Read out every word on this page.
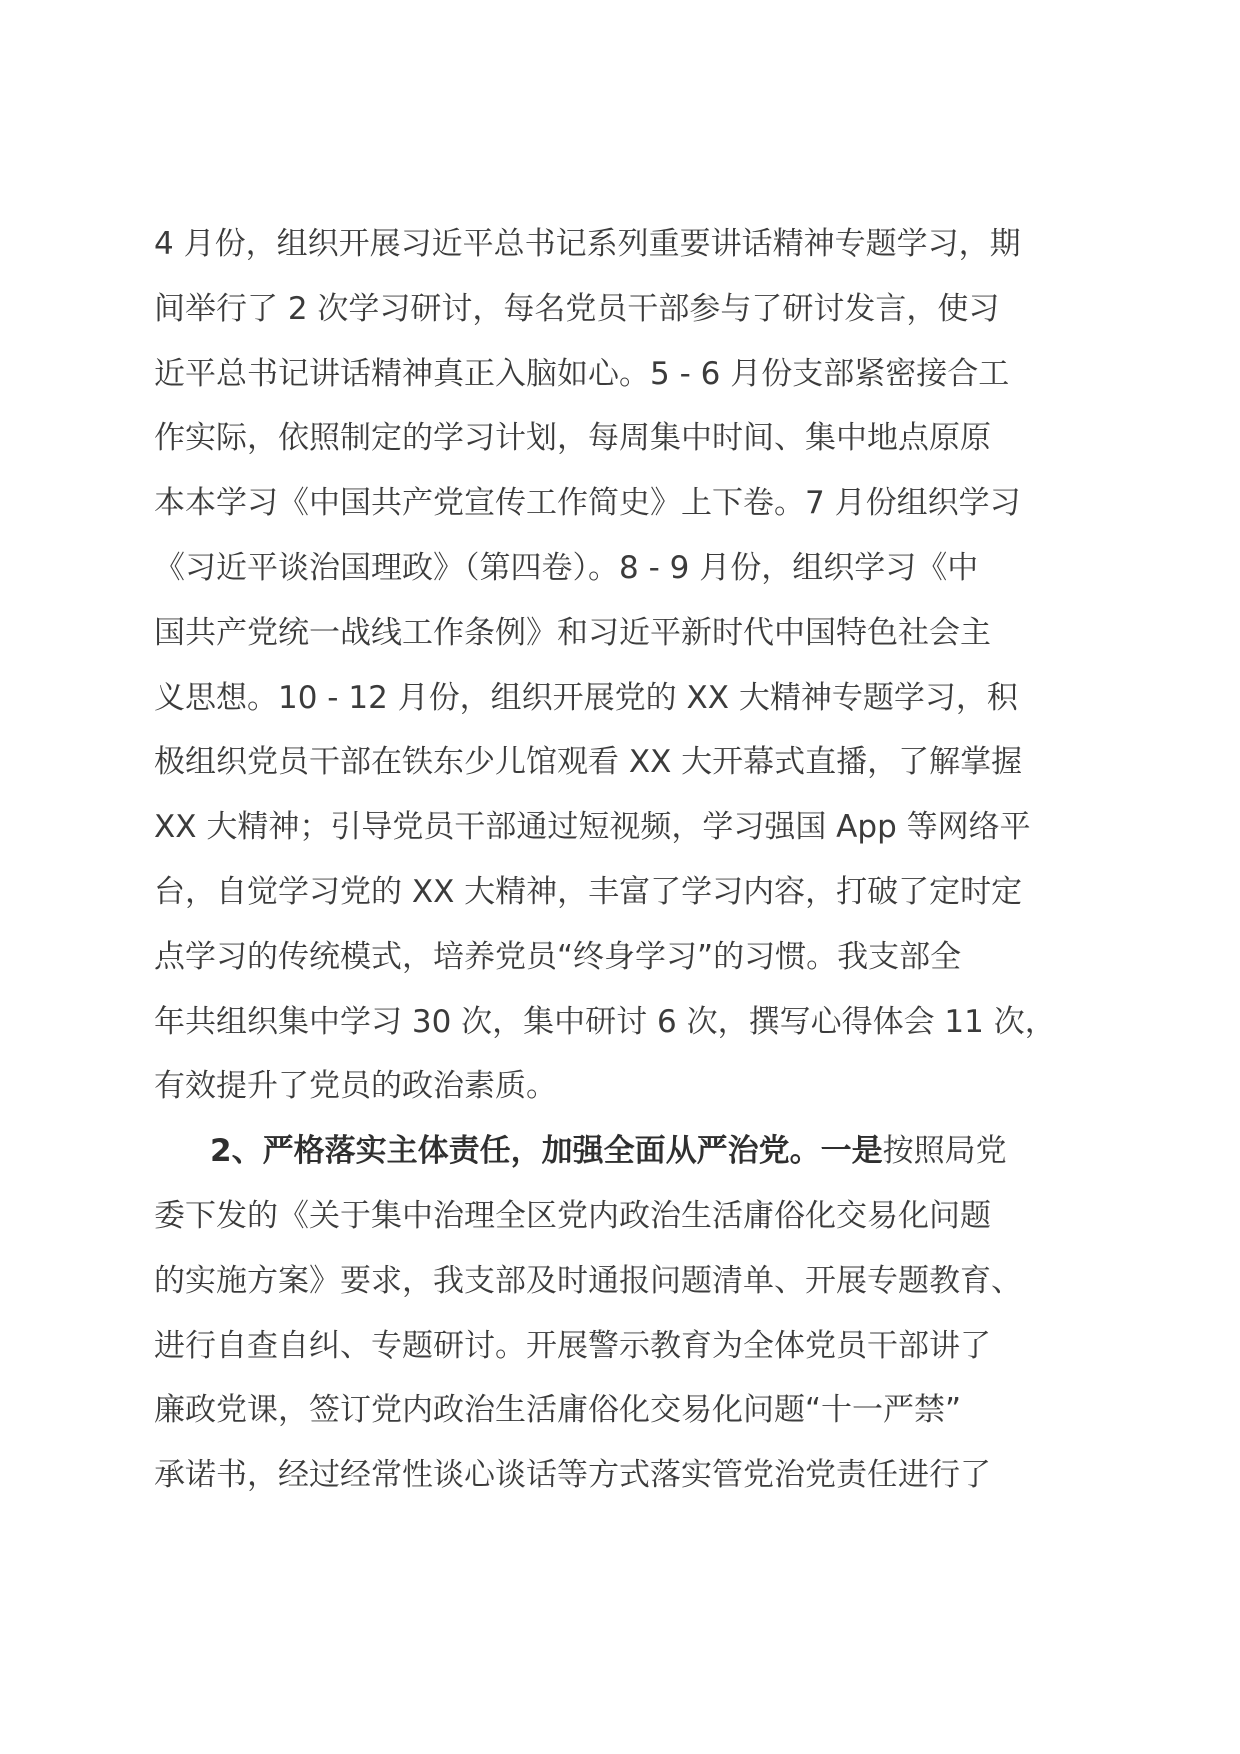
4 月份，组织开展习近平总书记系列重要讲话精神专题学习，期
间举行了 2 次学习研讨，每名党员干部参与了研讨发言，使习
近平总书记讲话精神真正入脑如心。5 - 6 月份支部紧密接合工
作实际，依照制定的学习计划，每周集中时间、集中地点原原
本本学习《中国共产党宣传工作简史》上下卷。7 月份组织学习
《习近平谈治国理政》（第四卷）。8 - 9 月份，组织学习《中
国共产党统一战线工作条例》和习近平新时代中国特色社会主
义思想。10 - 12 月份，组织开展党的 XX 大精神专题学习，积
极组织党员干部在铁东少儿馆观看 XX 大开幕式直播，了解掌握
XX 大精神；引导党员干部通过短视频，学习强国 App 等网络平
台，自觉学习党的 XX 大精神，丰富了学习内容，打破了定时定
点学习的传统模式，培养党员“终身学习”的习惯。我支部全
年共组织集中学习 30 次，集中研讨 6 次，撰写心得体会 11 次，
有效提升了党员的政治素质。
2、严格落实主体责任，加强全面从严治党。一是按照局党
委下发的《关于集中治理全区党内政治生活庸俗化交易化问题
的实施方案》要求，我支部及时通报问题清单、开展专题教育、
进行自查自纠、专题研讨。开展警示教育为全体党员干部讲了
廉政党课，签订党内政治生活庸俗化交易化问题“十一严禁”
承诺书，经过经常性谈心谈话等方式落实管党治党责任进行了
